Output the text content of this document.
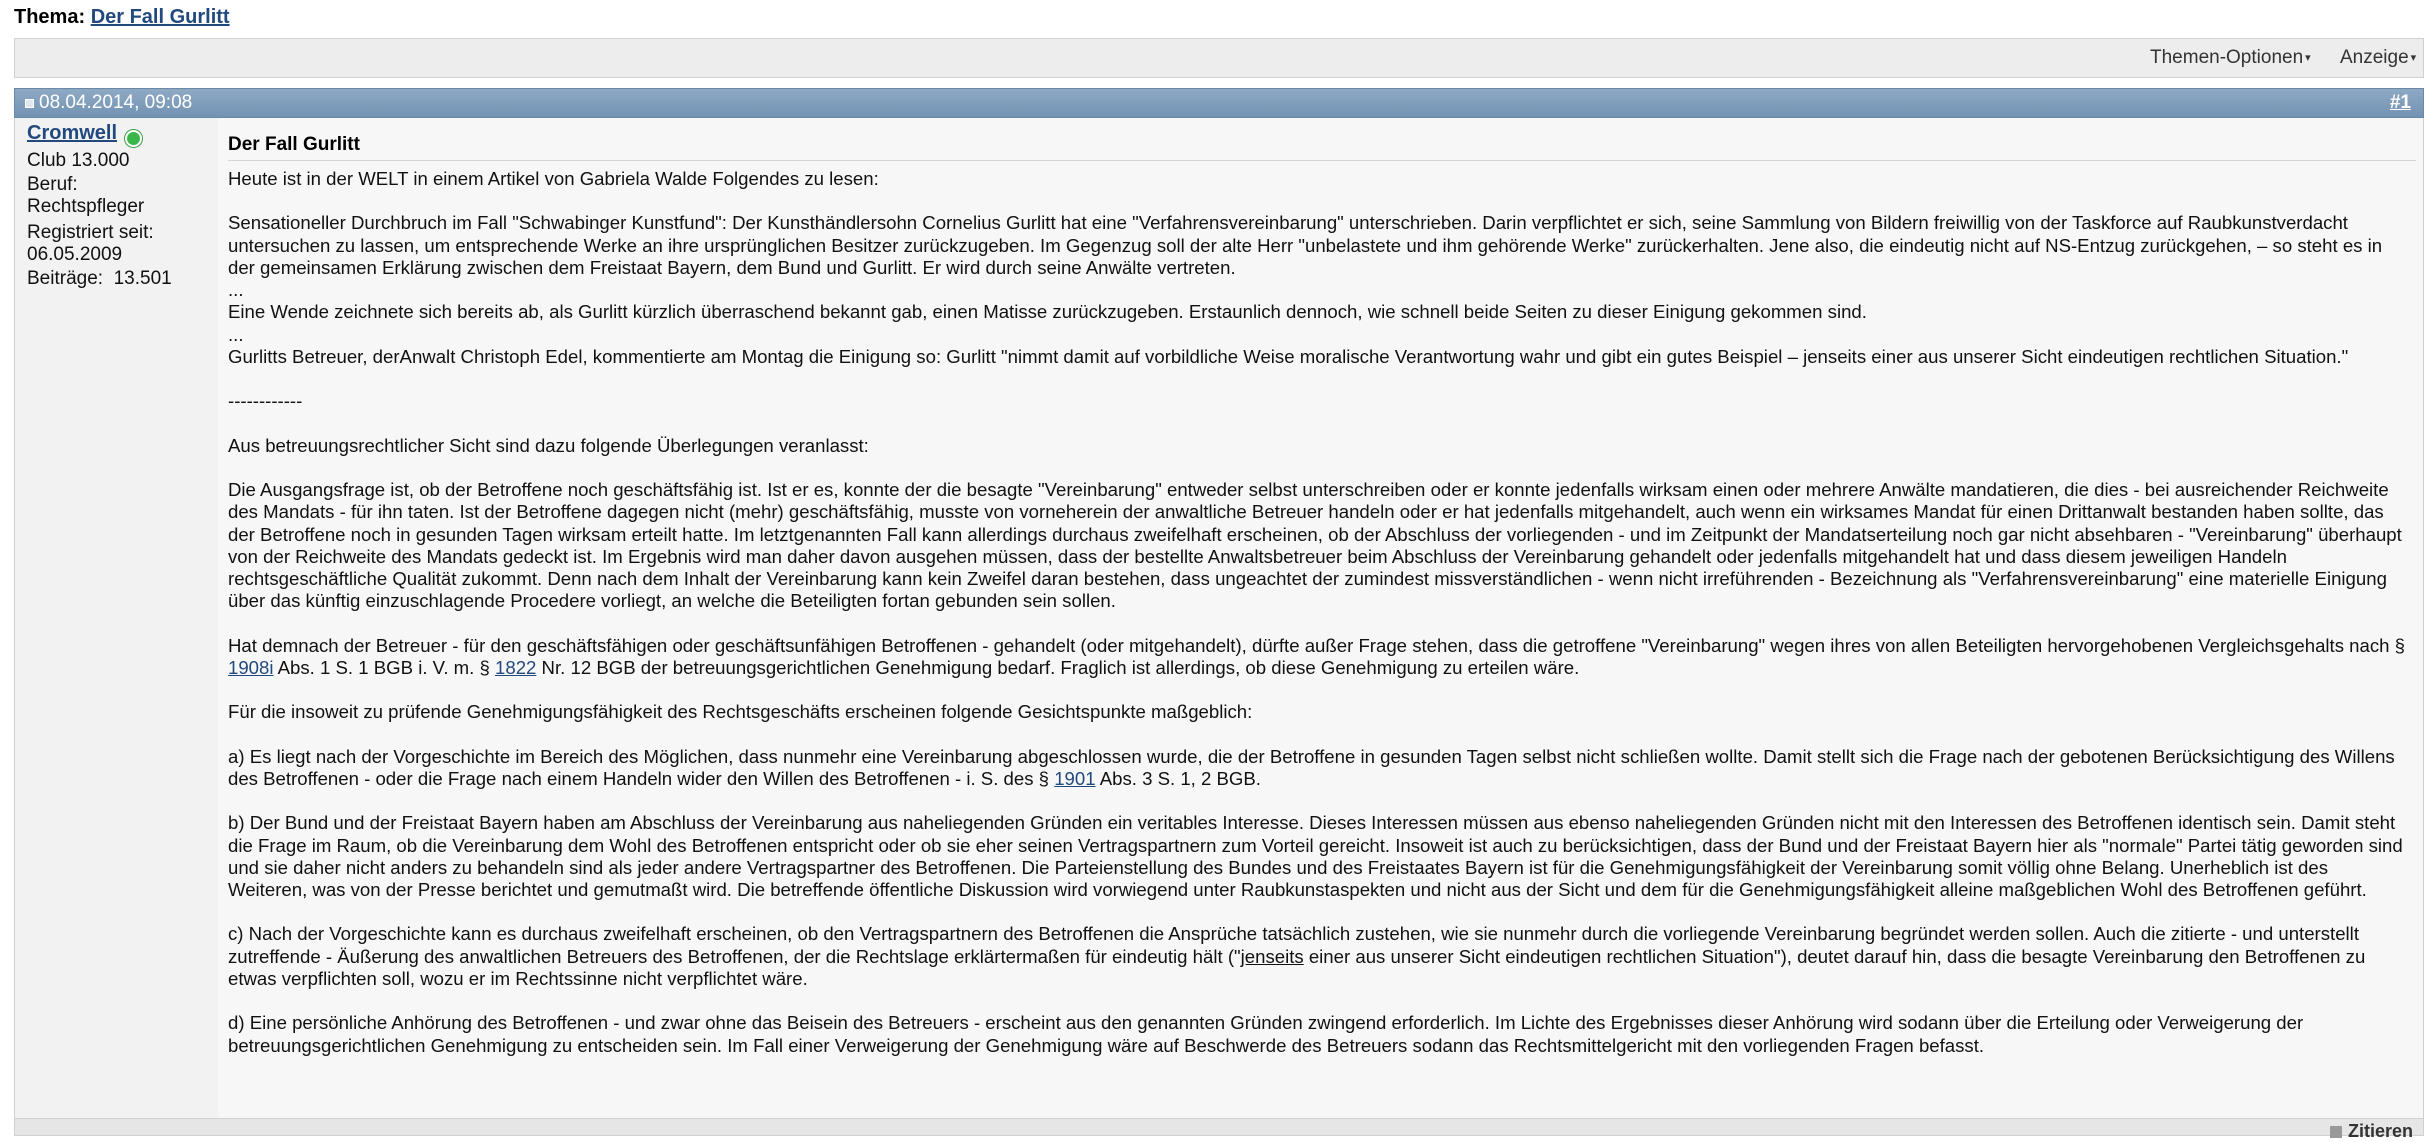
Thema: Der Fall Gurlitt
Themen-Optionen ▾ Anzeige ▾
08.04.2014, 09:08	#1
Cromwell
Club 13.000
Beruf:
Rechtspfleger
Registriert seit:
06.05.2009
Beiträge: 13.501
Der Fall Gurlitt

Heute ist in der WELT in einem Artikel von Gabriela Walde Folgendes zu lesen:

Sensationeller Durchbruch im Fall "Schwabinger Kunstfund": Der Kunsthändlersohn Cornelius Gurlitt hat eine "Verfahrensvereinbarung" unterschrieben. Darin verpflichtet er sich, seine Sammlung von Bildern freiwillig von der Taskforce auf Raubkunstverdacht untersuchen zu lassen, um entsprechende Werke an ihre ursprünglichen Besitzer zurückzugeben. Im Gegenzug soll der alte Herr "unbelastete und ihm gehörende Werke" zurückerhalten. Jene also, die eindeutig nicht auf NS-Entzug zurückgehen, – so steht es in der gemeinsamen Erklärung zwischen dem Freistaat Bayern, dem Bund und Gurlitt. Er wird durch seine Anwälte vertreten.

...

Eine Wende zeichnete sich bereits ab, als Gurlitt kürzlich überraschend bekannt gab, einen Matisse zurückzugeben. Erstaunlich dennoch, wie schnell beide Seiten zu dieser Einigung gekommen sind.

...

Gurlitts Betreuer, derAnwalt Christoph Edel, kommentierte am Montag die Einigung so: Gurlitt "nimmt damit auf vorbildliche Weise moralische Verantwortung wahr und gibt ein gutes Beispiel – jenseits einer aus unserer Sicht eindeutigen rechtlichen Situation."

------------

Aus betreuungsrechtlicher Sicht sind dazu folgende Überlegungen veranlasst:

Die Ausgangsfrage ist, ob der Betroffene noch geschäftsfähig ist. Ist er es, konnte der die besagte "Vereinbarung" entweder selbst unterschreiben oder er konnte jedenfalls wirksam einen oder mehrere Anwälte mandatieren, die dies - bei ausreichender Reichweite des Mandats - für ihn taten. Ist der Betroffene dagegen nicht (mehr) geschäftsfähig, musste von vorneherein der anwaltliche Betreuer handeln oder er hat jedenfalls mitgehandelt, auch wenn ein wirksames Mandat für einen Drittanwalt bestanden haben sollte, das der Betroffene noch in gesunden Tagen wirksam erteilt hatte. Im letztgenannten Fall kann allerdings durchaus zweifelhaft erscheinen, ob der Abschluss der vorliegenden - und im Zeitpunkt der Mandatserteilung noch gar nicht absehbaren - "Vereinbarung" überhaupt von der Reichweite des Mandats gedeckt ist. Im Ergebnis wird man daher davon ausgehen müssen, dass der bestellte Anwaltsbetreuer beim Abschluss der Vereinbarung gehandelt oder jedenfalls mitgehandelt hat und dass diesem jeweiligen Handeln rechtsgeschäftliche Qualität zukommt. Denn nach dem Inhalt der Vereinbarung kann kein Zweifel daran bestehen, dass ungeachtet der zumindest missverständlichen - wenn nicht irreführenden - Bezeichnung als "Verfahrensvereinbarung" eine materielle Einigung über das künftig einzuschlagende Procedere vorliegt, an welche die Beteiligten fortan gebunden sein sollen.

Hat demnach der Betreuer - für den geschäftsfähigen oder geschäftsunfähigen Betroffenen - gehandelt (oder mitgehandelt), dürfte außer Frage stehen, dass die getroffene "Vereinbarung" wegen ihres von allen Beteiligten hervorgehobenen Vergleichsgehalts nach § 1908i Abs. 1 S. 1 BGB i. V. m. § 1822 Nr. 12 BGB der betreuungsgerichtlichen Genehmigung bedarf. Fraglich ist allerdings, ob diese Genehmigung zu erteilen wäre.

Für die insoweit zu prüfende Genehmigungsfähigkeit des Rechtsgeschäfts erscheinen folgende Gesichtspunkte maßgeblich:

a) Es liegt nach der Vorgeschichte im Bereich des Möglichen, dass nunmehr eine Vereinbarung abgeschlossen wurde, die der Betroffene in gesunden Tagen selbst nicht schließen wollte. Damit stellt sich die Frage nach der gebotenen Berücksichtigung des Willens des Betroffenen - oder die Frage nach einem Handeln wider den Willen des Betroffenen - i. S. des § 1901 Abs. 3 S. 1, 2 BGB.

b) Der Bund und der Freistaat Bayern haben am Abschluss der Vereinbarung aus naheliegenden Gründen ein veritables Interesse. Dieses Interessen müssen aus ebenso naheliegenden Gründen nicht mit den Interessen des Betroffenen identisch sein. Damit steht die Frage im Raum, ob die Vereinbarung dem Wohl des Betroffenen entspricht oder ob sie eher seinen Vertragspartnern zum Vorteil gereicht. Insoweit ist auch zu berücksichtigen, dass der Bund und der Freistaat Bayern hier als "normale" Partei tätig geworden sind und sie daher nicht anders zu behandeln sind als jeder andere Vertragspartner des Betroffenen. Die Parteienstellung des Bundes und des Freistaates Bayern ist für die Genehmigungsfähigkeit der Vereinbarung somit völlig ohne Belang. Unerheblich ist des Weiteren, was von der Presse berichtet und gemutmaßt wird. Die betreffende öffentliche Diskussion wird vorwiegend unter Raubkunstaspekten und nicht aus der Sicht und dem für die Genehmigungsfähigkeit alleine maßgeblichen Wohl des Betroffenen geführt.

c) Nach der Vorgeschichte kann es durchaus zweifelhaft erscheinen, ob den Vertragspartnern des Betroffenen die Ansprüche tatsächlich zustehen, wie sie nunmehr durch die vorliegende Vereinbarung begründet werden sollen. Auch die zitierte - und unterstellt zutreffende - Äußerung des anwaltlichen Betreuers des Betroffenen, der die Rechtslage erklärtermaßen für eindeutig hält ("jenseits einer aus unserer Sicht eindeutigen rechtlichen Situation"), deutet darauf hin, dass die besagte Vereinbarung den Betroffenen zu etwas verpflichten soll, wozu er im Rechtssinne nicht verpflichtet wäre.

d) Eine persönliche Anhörung des Betroffenen - und zwar ohne das Beisein des Betreuers - erscheint aus den genannten Gründen zwingend erforderlich. Im Lichte des Ergebnisses dieser Anhörung wird sodann über die Erteilung oder Verweigerung der betreuungsgerichtlichen Genehmigung zu entscheiden sein. Im Fall einer Verweigerung der Genehmigung wäre auf Beschwerde des Betreuers sodann das Rechtsmittelgericht mit den vorliegenden Fragen befasst.

Zitieren
